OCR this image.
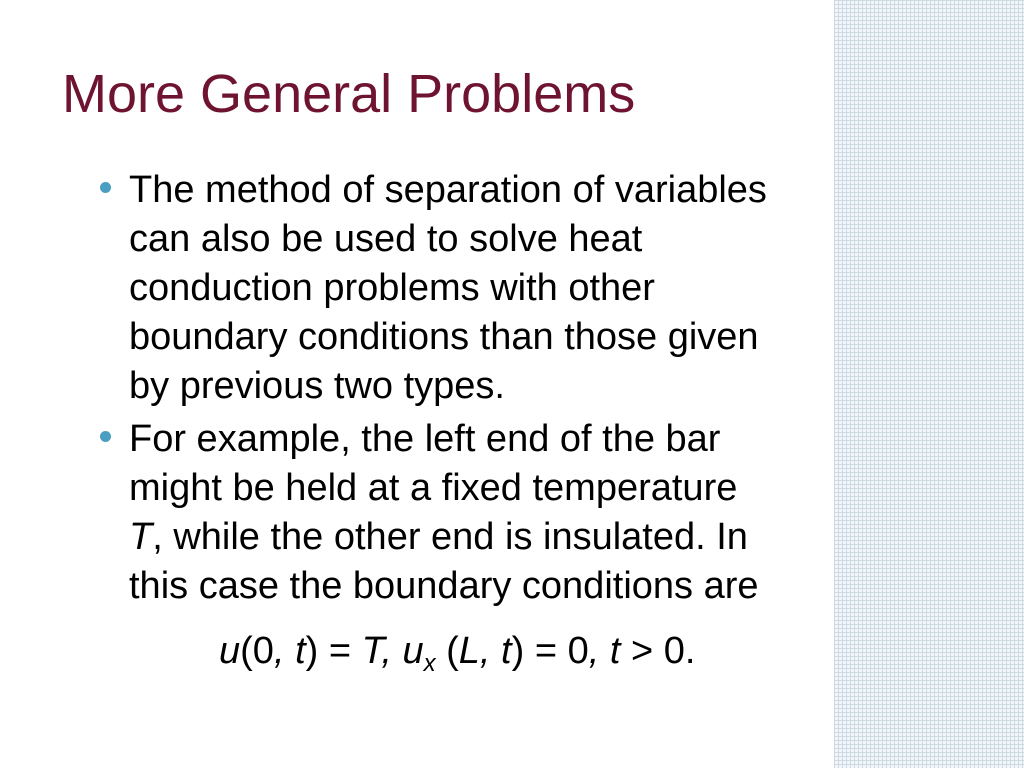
More General Problems
The method of separation of variables
can also be used to solve heat
conduction problems with other
boundary conditions than those given
by previous two types.
For example, the left end of the bar
might be held at a fixed temperature
T, while the other end is insulated. In
this case the boundary conditions are
u(0, t) = T, $u_x$ (L, t) = 0, t > 0.
